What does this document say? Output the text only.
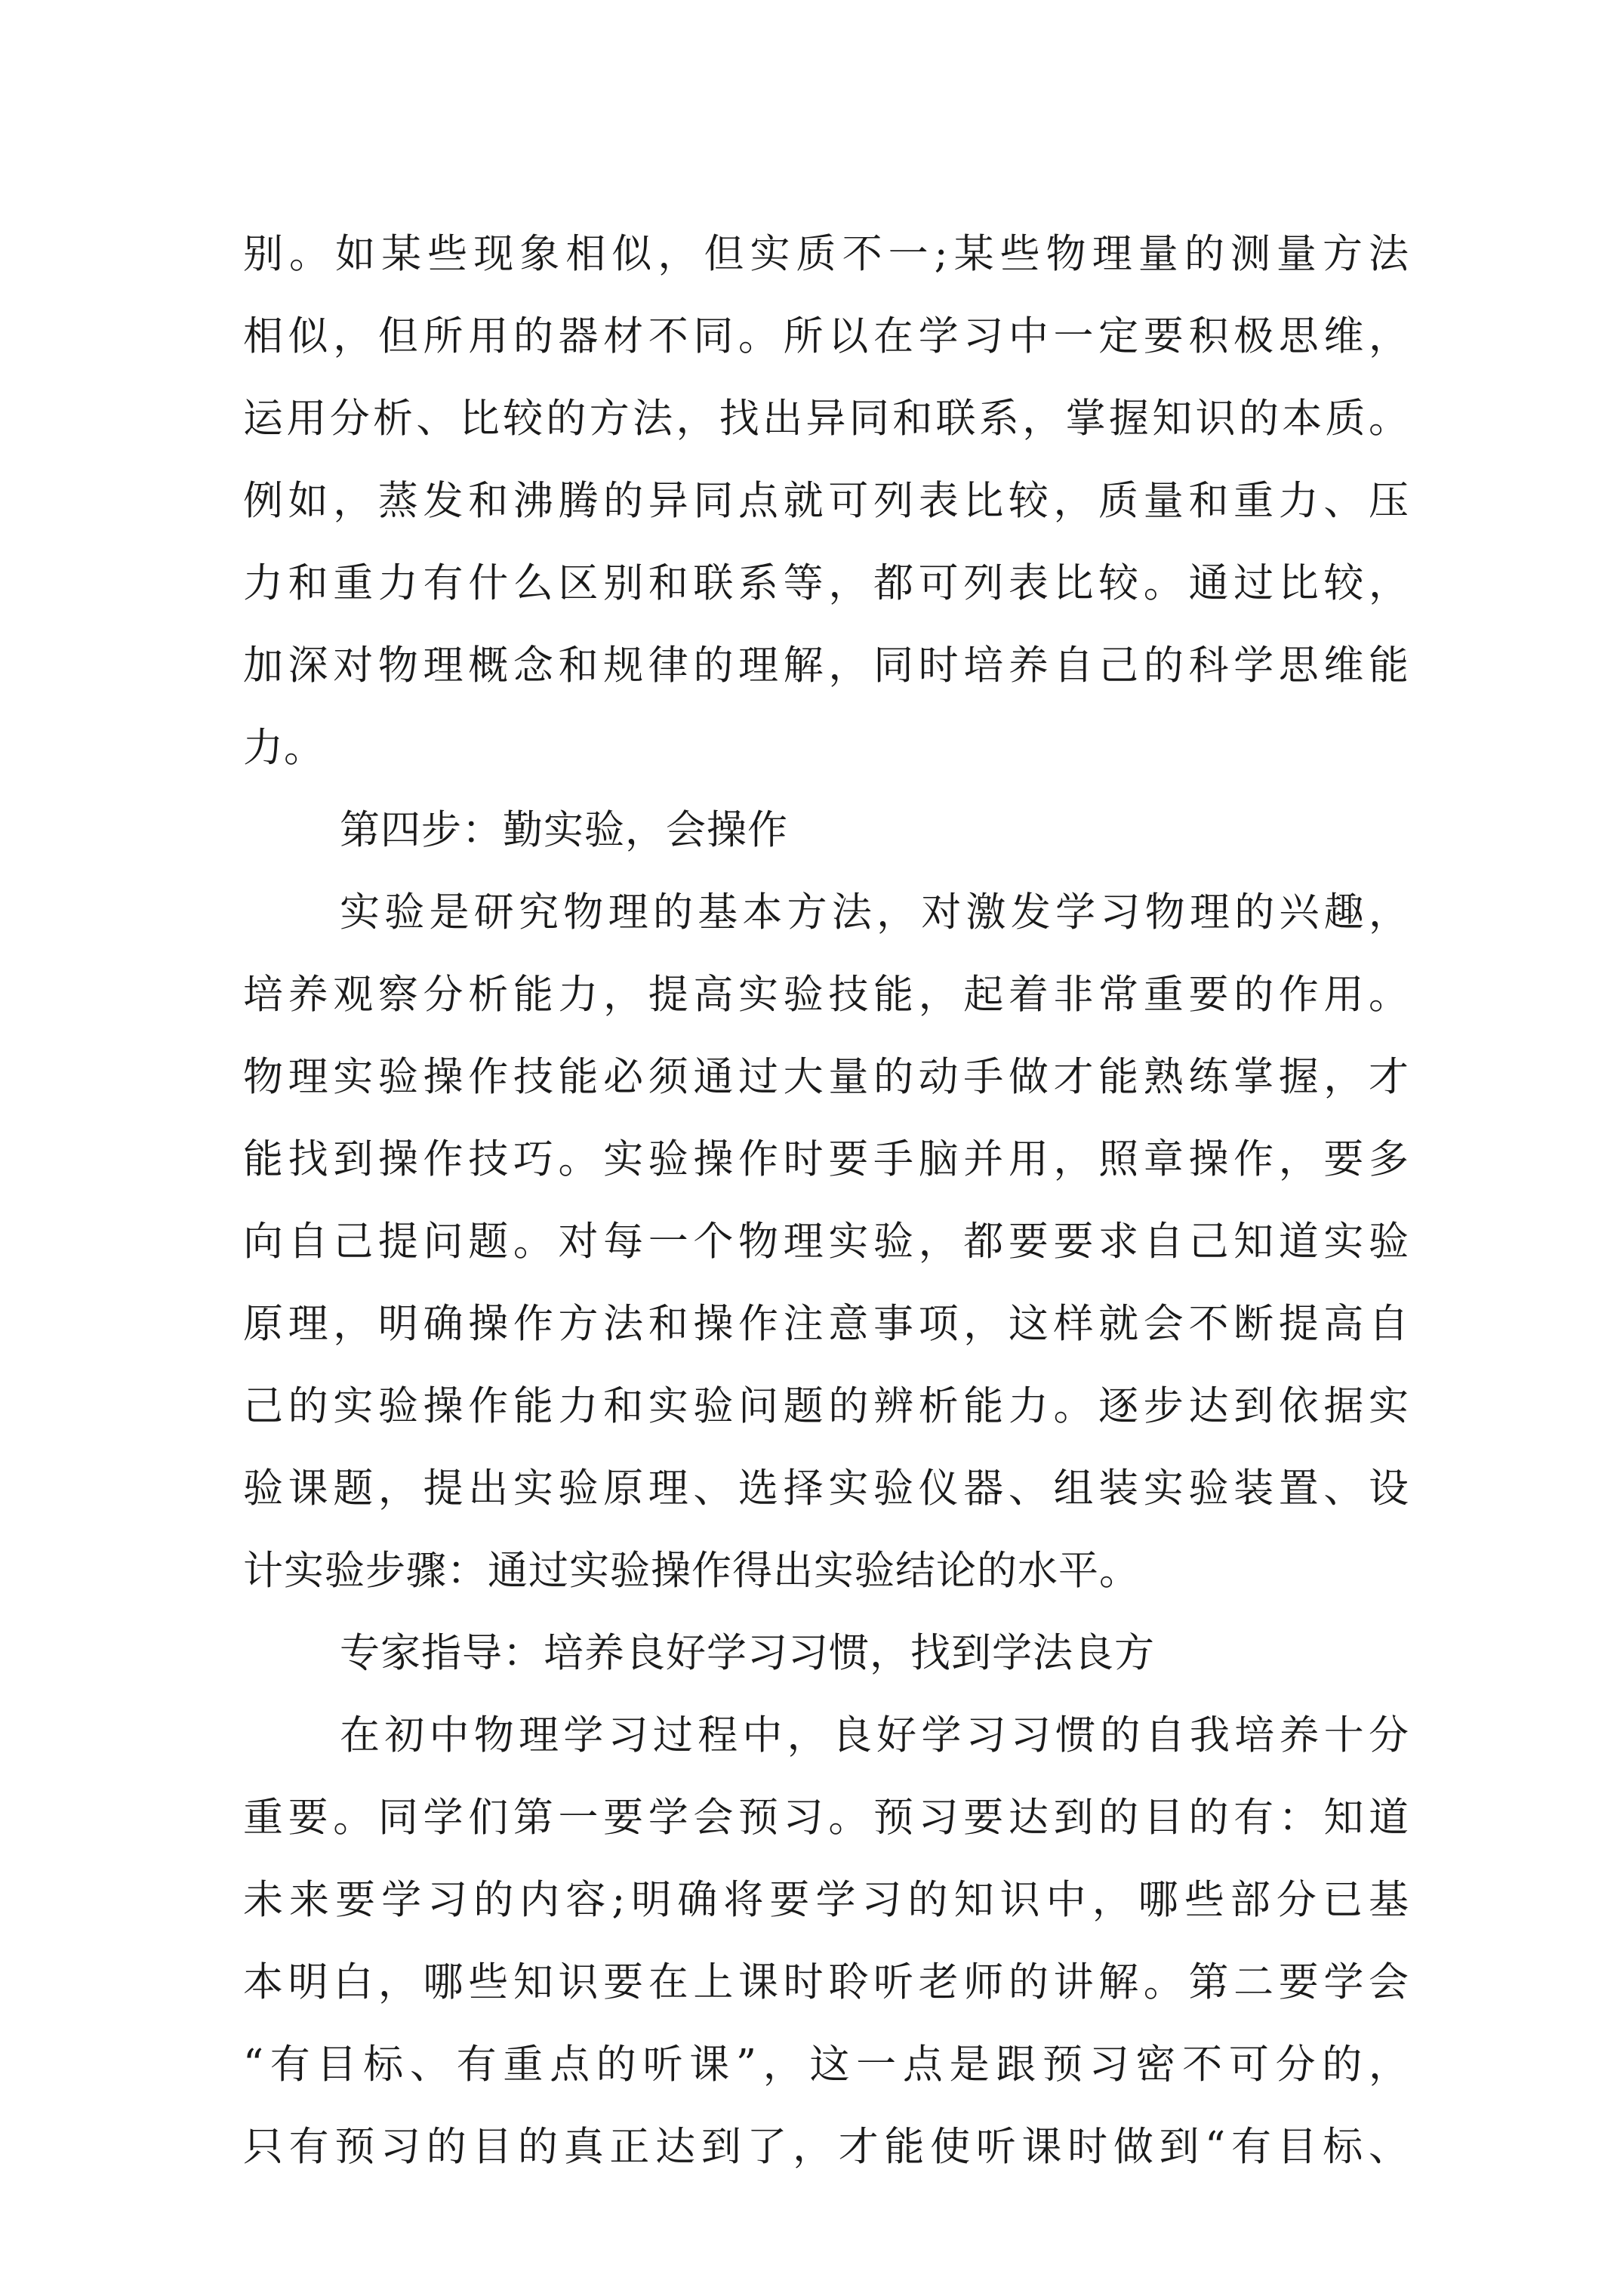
别。如某些现象相似，但实质不一;某些物理量的测量方法
相似，但所用的器材不同。所以在学习中一定要积极思维，
运用分析、比较的方法，找出异同和联系，掌握知识的本质。
例如，蒸发和沸腾的异同点就可列表比较，质量和重力、压
力和重力有什么区别和联系等，都可列表比较。通过比较，
加深对物理概念和规律的理解，同时培养自己的科学思维能
力。
第四步：勤实验，会操作
实验是研究物理的基本方法，对激发学习物理的兴趣，
培养观察分析能力，提高实验技能，起着非常重要的作用。
物理实验操作技能必须通过大量的动手做才能熟练掌握，才
能找到操作技巧。实验操作时要手脑并用，照章操作，要多
向自己提问题。对每一个物理实验，都要要求自己知道实验
原理，明确操作方法和操作注意事项，这样就会不断提高自
己的实验操作能力和实验问题的辨析能力。逐步达到依据实
验课题，提出实验原理、选择实验仪器、组装实验装置、设
计实验步骤：通过实验操作得出实验结论的水平。
专家指导：培养良好学习习惯，找到学法良方
在初中物理学习过程中，良好学习习惯的自我培养十分
重要。同学们第一要学会预习。预习要达到的目的有：知道
未来要学习的内容;明确将要学习的知识中，哪些部分已基
本明白，哪些知识要在上课时聆听老师的讲解。第二要学会
“有目标、有重点的听课”，这一点是跟预习密不可分的，
只有预习的目的真正达到了，才能使听课时做到“有目标、
